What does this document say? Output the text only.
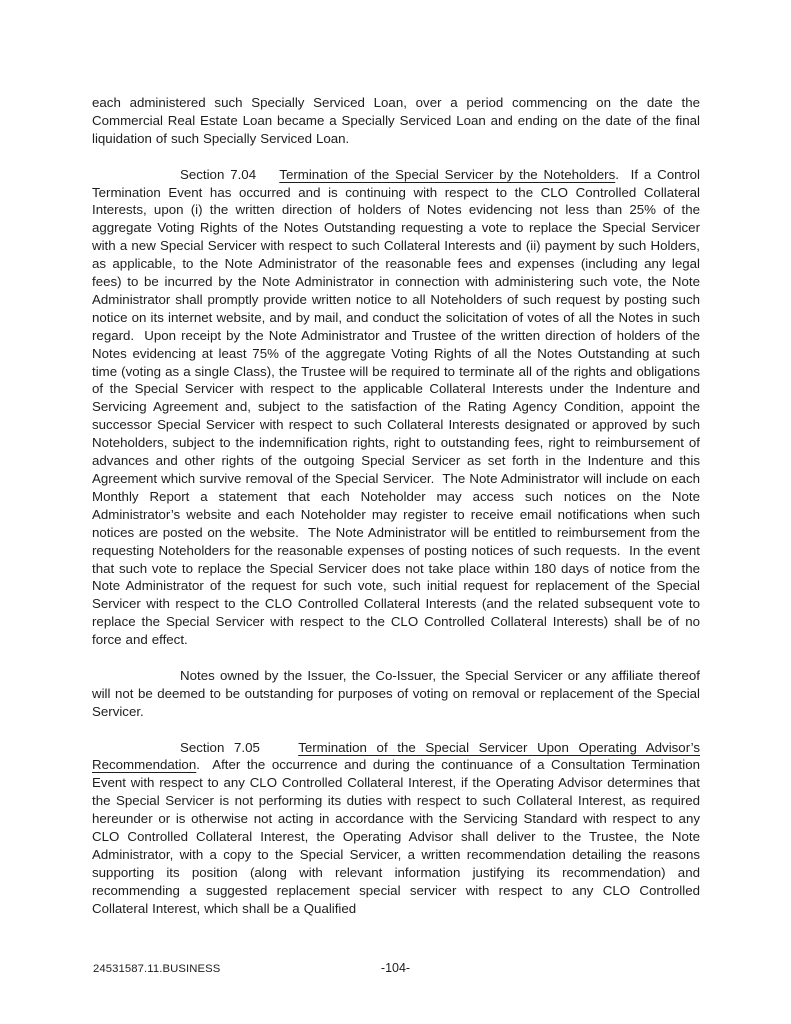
each administered such Specially Serviced Loan, over a period commencing on the date the Commercial Real Estate Loan became a Specially Serviced Loan and ending on the date of the final liquidation of such Specially Serviced Loan.

Section 7.04    Termination of the Special Servicer by the Noteholders.  If a Control Termination Event has occurred and is continuing with respect to the CLO Controlled Collateral Interests, upon (i) the written direction of holders of Notes evidencing not less than 25% of the aggregate Voting Rights of the Notes Outstanding requesting a vote to replace the Special Servicer with a new Special Servicer with respect to such Collateral Interests and (ii) payment by such Holders, as applicable, to the Note Administrator of the reasonable fees and expenses (including any legal fees) to be incurred by the Note Administrator in connection with administering such vote, the Note Administrator shall promptly provide written notice to all Noteholders of such request by posting such notice on its internet website, and by mail, and conduct the solicitation of votes of all the Notes in such regard.  Upon receipt by the Note Administrator and Trustee of the written direction of holders of the Notes evidencing at least 75% of the aggregate Voting Rights of all the Notes Outstanding at such time (voting as a single Class), the Trustee will be required to terminate all of the rights and obligations of the Special Servicer with respect to the applicable Collateral Interests under the Indenture and Servicing Agreement and, subject to the satisfaction of the Rating Agency Condition, appoint the successor Special Servicer with respect to such Collateral Interests designated or approved by such Noteholders, subject to the indemnification rights, right to outstanding fees, right to reimbursement of advances and other rights of the outgoing Special Servicer as set forth in the Indenture and this Agreement which survive removal of the Special Servicer.  The Note Administrator will include on each Monthly Report a statement that each Noteholder may access such notices on the Note Administrator’s website and each Noteholder may register to receive email notifications when such notices are posted on the website.  The Note Administrator will be entitled to reimbursement from the requesting Noteholders for the reasonable expenses of posting notices of such requests.  In the event that such vote to replace the Special Servicer does not take place within 180 days of notice from the Note Administrator of the request for such vote, such initial request for replacement of the Special Servicer with respect to the CLO Controlled Collateral Interests (and the related subsequent vote to replace the Special Servicer with respect to the CLO Controlled Collateral Interests) shall be of no force and effect.

Notes owned by the Issuer, the Co-Issuer, the Special Servicer or any affiliate thereof will not be deemed to be outstanding for purposes of voting on removal or replacement of the Special Servicer.

Section 7.05    Termination of the Special Servicer Upon Operating Advisor’s Recommendation.  After the occurrence and during the continuance of a Consultation Termination Event with respect to any CLO Controlled Collateral Interest, if the Operating Advisor determines that the Special Servicer is not performing its duties with respect to such Collateral Interest, as required hereunder or is otherwise not acting in accordance with the Servicing Standard with respect to any CLO Controlled Collateral Interest, the Operating Advisor shall deliver to the Trustee, the Note Administrator, with a copy to the Special Servicer, a written recommendation detailing the reasons supporting its position (along with relevant information justifying its recommendation) and recommending a suggested replacement special servicer with respect to any CLO Controlled Collateral Interest, which shall be a Qualified

24531587.11.BUSINESS	-104-
